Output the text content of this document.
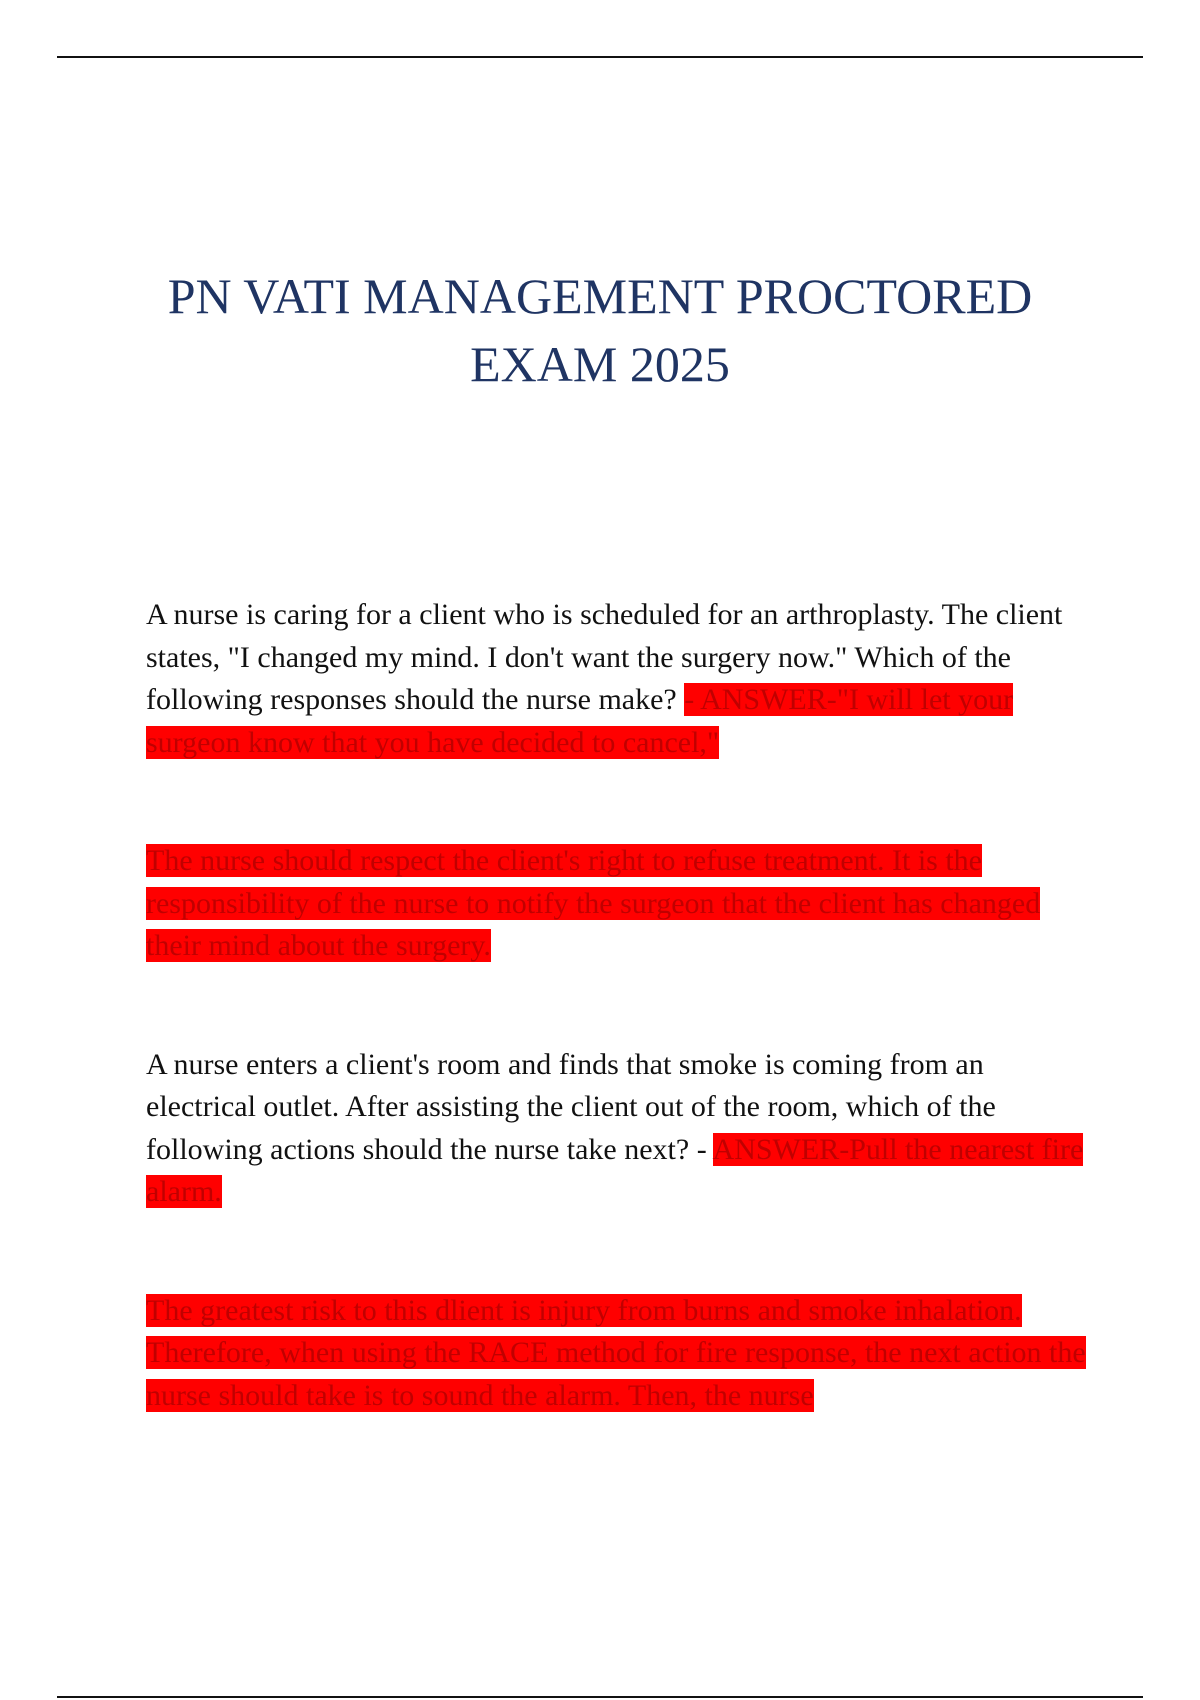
PN VATI MANAGEMENT PROCTORED
EXAM 2025

A nurse is caring for a client who is scheduled for an arthroplasty. The client states, "I changed my mind. I don't want the surgery now." Which of the following responses should the nurse make? - ANSWER-"I will let your surgeon know that you have decided to cancel,"

The nurse should respect the client's right to refuse treatment. It is the responsibility of the nurse to notify the surgeon that the client has changed their mind about the surgery.

A nurse enters a client's room and finds that smoke is coming from an electrical outlet. After assisting the client out of the room, which of the following actions should the nurse take next? - ANSWER-Pull the nearest fire alarm.

The greatest risk to this dlient is injury from burns and smoke inhalation. Therefore, when using the RACE method for fire response, the next action the nurse should take is to sound the alarm. Then, the nurse
